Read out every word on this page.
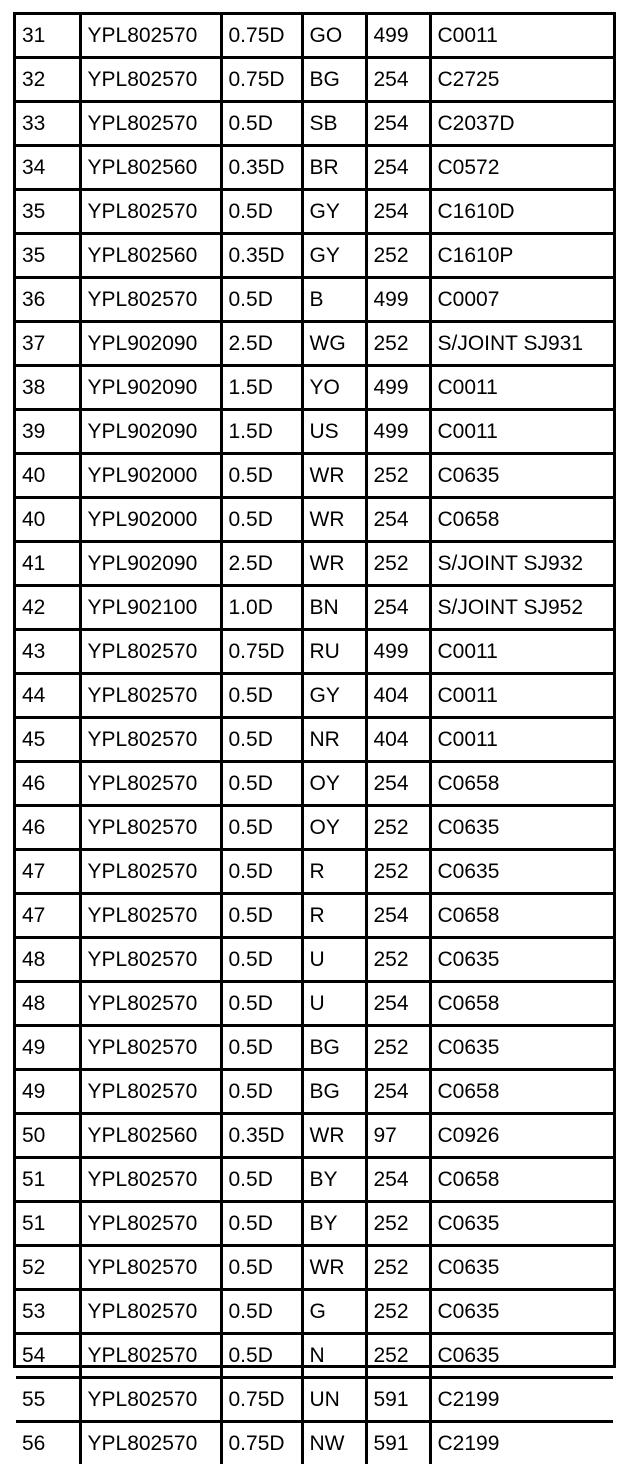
31	YPL802570	0.75D	GO	499	C0011
32	YPL802570	0.75D	BG	254	C2725
33	YPL802570	0.5D	SB	254	C2037D
34	YPL802560	0.35D	BR	254	C0572
35	YPL802570	0.5D	GY	254	C1610D
35	YPL802560	0.35D	GY	252	C1610P
36	YPL802570	0.5D	B	499	C0007
37	YPL902090	2.5D	WG	252	S/JOINT SJ931
38	YPL902090	1.5D	YO	499	C0011
39	YPL902090	1.5D	US	499	C0011
40	YPL902000	0.5D	WR	252	C0635
40	YPL902000	0.5D	WR	254	C0658
41	YPL902090	2.5D	WR	252	S/JOINT SJ932
42	YPL902100	1.0D	BN	254	S/JOINT SJ952
43	YPL802570	0.75D	RU	499	C0011
44	YPL802570	0.5D	GY	404	C0011
45	YPL802570	0.5D	NR	404	C0011
46	YPL802570	0.5D	OY	254	C0658
46	YPL802570	0.5D	OY	252	C0635
47	YPL802570	0.5D	R	252	C0635
47	YPL802570	0.5D	R	254	C0658
48	YPL802570	0.5D	U	252	C0635
48	YPL802570	0.5D	U	254	C0658
49	YPL802570	0.5D	BG	252	C0635
49	YPL802570	0.5D	BG	254	C0658
50	YPL802560	0.35D	WR	97	C0926
51	YPL802570	0.5D	BY	254	C0658
51	YPL802570	0.5D	BY	252	C0635
52	YPL802570	0.5D	WR	252	C0635
53	YPL802570	0.5D	G	252	C0635
54	YPL802570	0.5D	N	252	C0635
55	YPL802570	0.75D	UN	591	C2199
56	YPL802570	0.75D	NW	591	C2199
